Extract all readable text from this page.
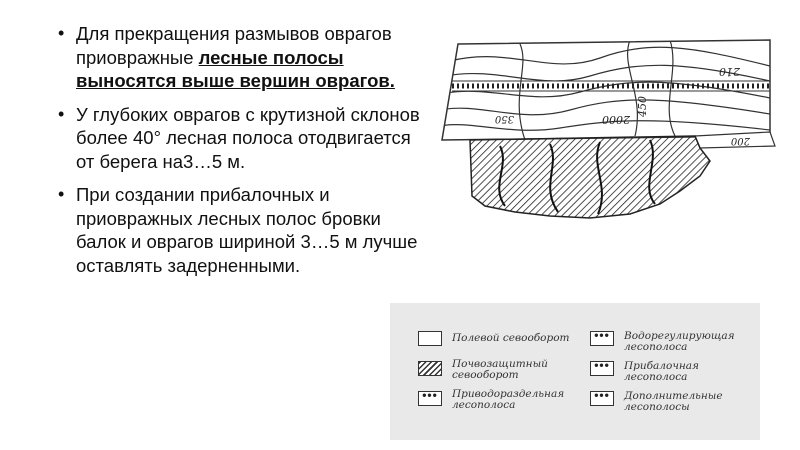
• Для прекращения размывов оврагов приовражные лесные полосы выносятся выше вершин оврагов.
• У глубоких оврагов с крутизной склонов более 40° лесная полоса отодвигается от берега на3…5 м.
• При создании прибалочных и приовражных лесных полос бровки балок и оврагов шириной 3…5 м лучше оставлять задерненными.
210
2000
450
200
350
Полевой севооборот
Почвозащитный севооборот
•••	Приводораздельная лесополоса
•••	Водорегулирующая лесополоса
•••	Прибалочная лесополоса
•••	Дополнительные лесополосы
